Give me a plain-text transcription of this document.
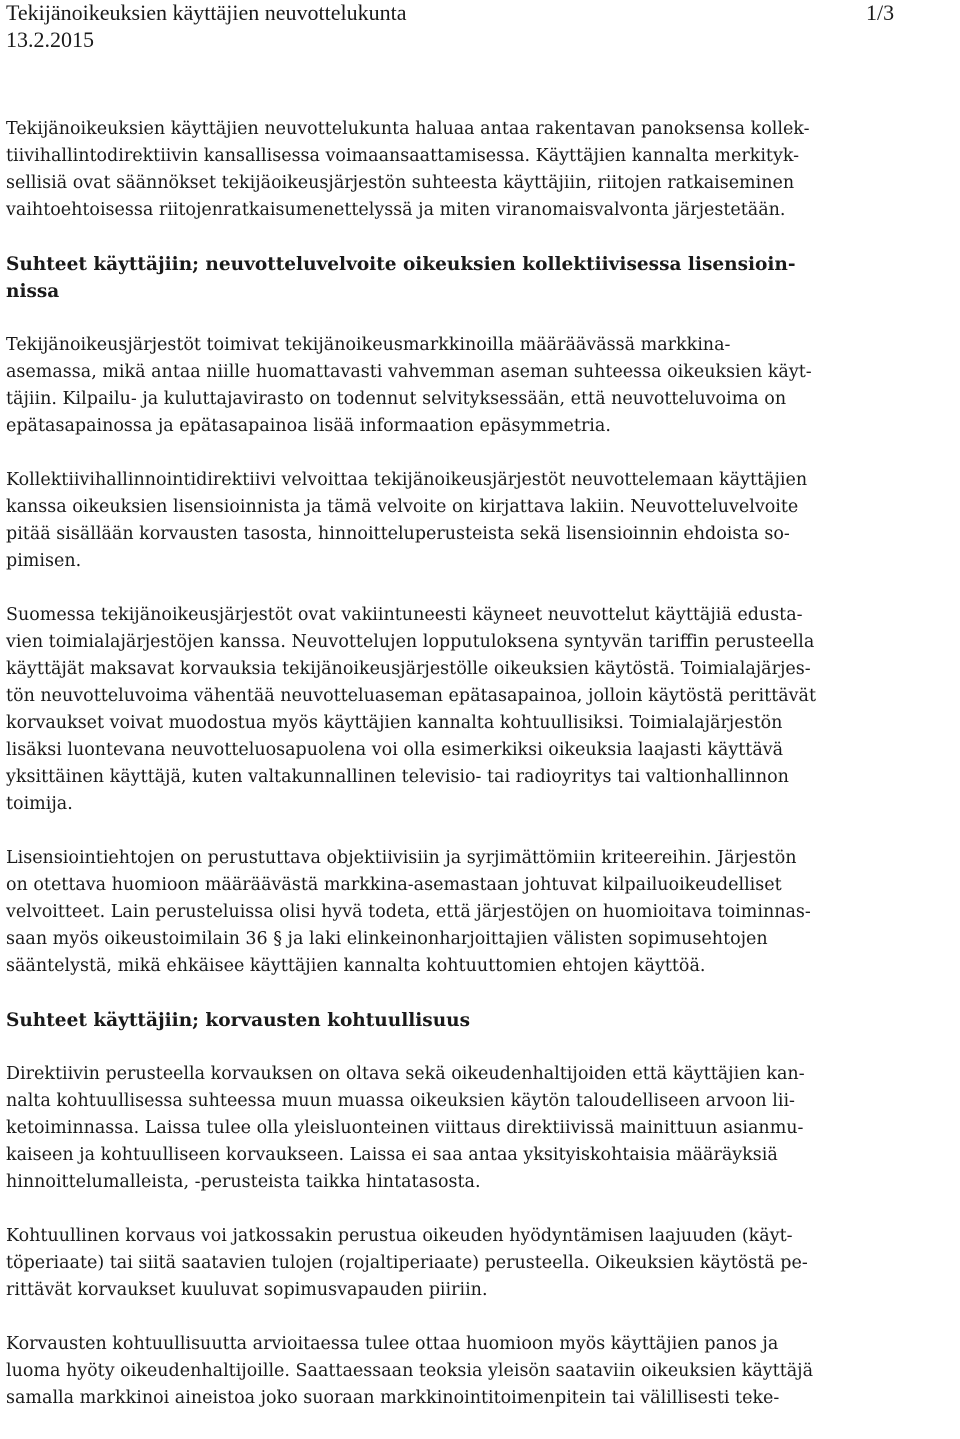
Tekijänoikeuksien käyttäjien neuvottelukunta	1/3
13.2.2015
Tekijänoikeuksien käyttäjien neuvottelukunta haluaa antaa rakentavan panoksensa kollek-
tiivihallintodirektiivin kansallisessa voimaansaattamisessa. Käyttäjien kannalta merkityk-
sellisiä ovat säännökset tekijäoikeusjärjestön suhteesta käyttäjiin, riitojen ratkaiseminen
vaihtoehtoisessa riitojenratkaisumenettelyssä ja miten viranomaisvalvonta järjestetään.
Suhteet käyttäjiin; neuvotteluvelvoite oikeuksien kollektiivisessa lisensioin-
nissa
Tekijänoikeusjärjestöt toimivat tekijänoikeusmarkkinoilla määräävässä markkina-
asemassa, mikä antaa niille huomattavasti vahvemman aseman suhteessa oikeuksien käyt-
täjiin. Kilpailu- ja kuluttajavirasto on todennut selvityksessään, että neuvotteluvoima on
epätasapainossa ja epätasapainoa lisää informaation epäsymmetria.
Kollektiivihallinnointidirektiivi velvoittaa tekijänoikeusjärjestöt neuvottelemaan käyttäjien
kanssa oikeuksien lisensioinnista ja tämä velvoite on kirjattava lakiin. Neuvotteluvelvoite
pitää sisällään korvausten tasosta, hinnoitteluperusteista sekä lisensioinnin ehdoista so-
pimisen.
Suomessa tekijänoikeusjärjestöt ovat vakiintuneesti käyneet neuvottelut käyttäjiä edusta-
vien toimialajärjestöjen kanssa. Neuvottelujen lopputuloksena syntyvän tariffin perusteella
käyttäjät maksavat korvauksia tekijänoikeusjärjestölle oikeuksien käytöstä. Toimialajärjes-
tön neuvotteluvoima vähentää neuvotteluaseman epätasapainoa, jolloin käytöstä perittävät
korvaukset voivat muodostua myös käyttäjien kannalta kohtuullisiksi. Toimialajärjestön
lisäksi luontevana neuvotteluosapuolena voi olla esimerkiksi oikeuksia laajasti käyttävä
yksittäinen käyttäjä, kuten valtakunnallinen televisio- tai radioyritys tai valtionhallinnon
toimija.
Lisensiointiehtojen on perustuttava objektiivisiin ja syrjimättömiin kriteereihin. Järjestön
on otettava huomioon määräävästä markkina-asemastaan johtuvat kilpailuoikeudelliset
velvoitteet. Lain perusteluissa olisi hyvä todeta, että järjestöjen on huomioitava toiminnas-
saan myös oikeustoimilain 36 § ja laki elinkeinonharjoittajien välisten sopimusehtojen
sääntelystä, mikä ehkäisee käyttäjien kannalta kohtuuttomien ehtojen käyttöä.
Suhteet käyttäjiin; korvausten kohtuullisuus
Direktiivin perusteella korvauksen on oltava sekä oikeudenhaltijoiden että käyttäjien kan-
nalta kohtuullisessa suhteessa muun muassa oikeuksien käytön taloudelliseen arvoon lii-
ketoiminnassa. Laissa tulee olla yleisluonteinen viittaus direktiivissä mainittuun asianmu-
kaiseen ja kohtuulliseen korvaukseen. Laissa ei saa antaa yksityiskohtaisia määräyksiä
hinnoittelumalleista, -perusteista taikka hintatasosta.
Kohtuullinen korvaus voi jatkossakin perustua oikeuden hyödyntämisen laajuuden (käyt-
töperiaate) tai siitä saatavien tulojen (rojaltiperiaate) perusteella. Oikeuksien käytöstä pe-
rittävät korvaukset kuuluvat sopimusvapauden piiriin.
Korvausten kohtuullisuutta arvioitaessa tulee ottaa huomioon myös käyttäjien panos ja
luoma hyöty oikeudenhaltijoille. Saattaessaan teoksia yleisön saataviin oikeuksien käyttäjä
samalla markkinoi aineistoa joko suoraan markkinointitoimenpitein tai välillisesti teke-
